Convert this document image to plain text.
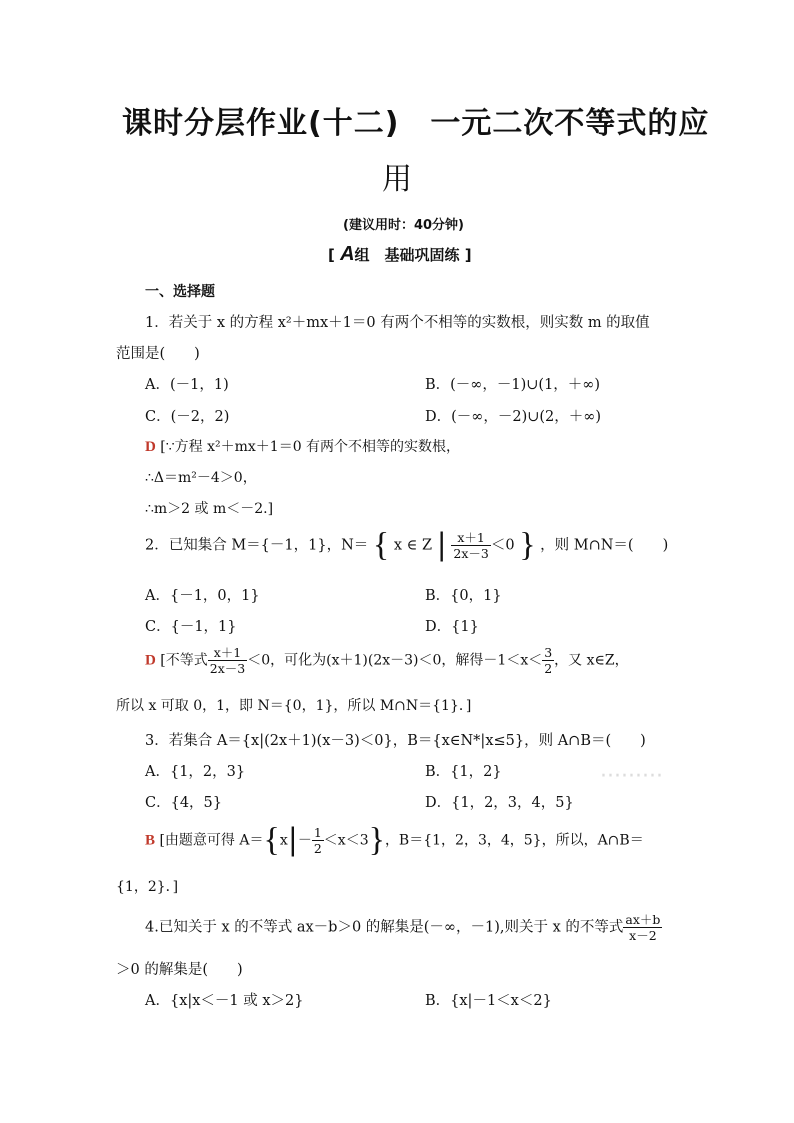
课时分层作业(十二)　一元二次不等式的应
用
(建议用时：40分钟)
[ A组　基础巩固练 ]
一、选择题
1．若关于 x 的方程 x²＋mx＋1＝0 有两个不相等的实数根，则实数 m 的取值
范围是(　　)
A．(－1，1)	B．(－∞，－1)∪(1，＋∞)
C．(－2，2)	D．(－∞，－2)∪(2，＋∞)
D [∵方程 x²＋mx＋1＝0 有两个不相等的实数根，
∴Δ＝m²－4＞0，
∴m＞2 或 m＜－2.]
2．已知集合 M＝{－1，1}，N＝ { x ∈ Z | $\frac{x+1}{2x-3} <0$ } ，则 M∩N＝(　　)
A．{－1，0，1}	B．{0，1}
C．{－1，1}	D．{1}
D [不等式 $\frac{x+1}{2x-3} <0$，可化为(x＋1)(2x－3)＜0，解得$-1<x< \frac{3}{2}$ ，又 x∈Z，
所以 x 可取 0，1，即 N＝{0，1}，所以 M∩N＝{1}．]
3．若集合 A＝{x|(2x＋1)(x－3)＜0}，B＝{x∈N*|x≤5}，则 A∩B＝(　　)
A．{1，2，3}	B．{1，2}
C．{4，5}	D．{1，2，3，4，5}
B [由题意可得 $A=\{x|- \frac{1}{2} <x<3\}$，B＝{1，2，3，4，5}，所以，A∩B＝
{1，2}．]
4.已知关于 x 的不等式 ax－b＞0 的解集是(－∞，－1),则关于 x 的不等式 $\frac{ax+b}{x-2}$
＞0 的解集是(　　)
A．{x|x＜－1 或 x＞2}	B．{x|－1＜x＜2}
·········
